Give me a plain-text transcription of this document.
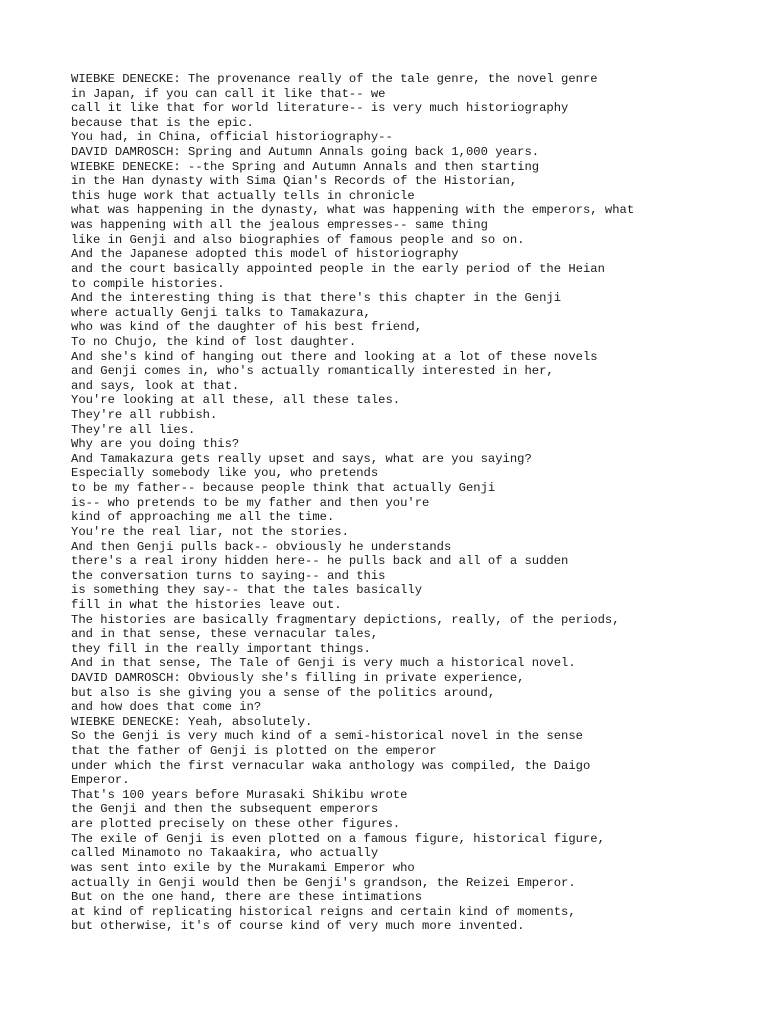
WIEBKE DENECKE: The provenance really of the tale genre, the novel genre
in Japan, if you can call it like that-- we
call it like that for world literature-- is very much historiography
because that is the epic.
You had, in China, official historiography--
DAVID DAMROSCH: Spring and Autumn Annals going back 1,000 years.
WIEBKE DENECKE: --the Spring and Autumn Annals and then starting
in the Han dynasty with Sima Qian's Records of the Historian,
this huge work that actually tells in chronicle
what was happening in the dynasty, what was happening with the emperors, what
was happening with all the jealous empresses-- same thing
like in Genji and also biographies of famous people and so on.
And the Japanese adopted this model of historiography
and the court basically appointed people in the early period of the Heian
to compile histories.
And the interesting thing is that there's this chapter in the Genji
where actually Genji talks to Tamakazura,
who was kind of the daughter of his best friend,
To no Chujo, the kind of lost daughter.
And she's kind of hanging out there and looking at a lot of these novels
and Genji comes in, who's actually romantically interested in her,
and says, look at that.
You're looking at all these, all these tales.
They're all rubbish.
They're all lies.
Why are you doing this?
And Tamakazura gets really upset and says, what are you saying?
Especially somebody like you, who pretends
to be my father-- because people think that actually Genji
is-- who pretends to be my father and then you're
kind of approaching me all the time.
You're the real liar, not the stories.
And then Genji pulls back-- obviously he understands
there's a real irony hidden here-- he pulls back and all of a sudden
the conversation turns to saying-- and this
is something they say-- that the tales basically
fill in what the histories leave out.
The histories are basically fragmentary depictions, really, of the periods,
and in that sense, these vernacular tales,
they fill in the really important things.
And in that sense, The Tale of Genji is very much a historical novel.
DAVID DAMROSCH: Obviously she's filling in private experience,
but also is she giving you a sense of the politics around,
and how does that come in?
WIEBKE DENECKE: Yeah, absolutely.
So the Genji is very much kind of a semi-historical novel in the sense
that the father of Genji is plotted on the emperor
under which the first vernacular waka anthology was compiled, the Daigo
Emperor.
That's 100 years before Murasaki Shikibu wrote
the Genji and then the subsequent emperors
are plotted precisely on these other figures.
The exile of Genji is even plotted on a famous figure, historical figure,
called Minamoto no Takaakira, who actually
was sent into exile by the Murakami Emperor who
actually in Genji would then be Genji's grandson, the Reizei Emperor.
But on the one hand, there are these intimations
at kind of replicating historical reigns and certain kind of moments,
but otherwise, it's of course kind of very much more invented.
